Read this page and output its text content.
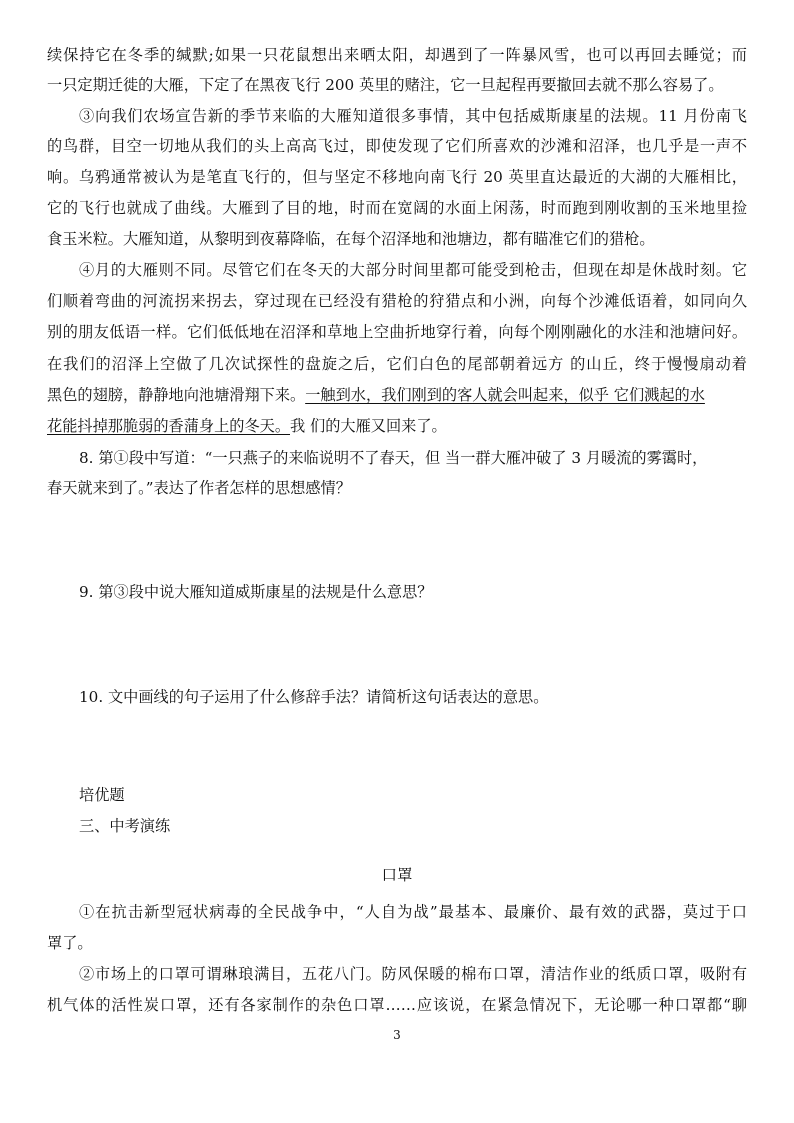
续保持它在冬季的缄默;如果一只花鼠想出来晒太阳，却遇到了一阵暴风雪，也可以再回去睡觉；而
一只定期迁徙的大雁，下定了在黑夜飞行 200 英里的赌注，它一旦起程再要撤回去就不那么容易了。
③向我们农场宣告新的季节来临的大雁知道很多事情，其中包括威斯康星的法规。11 月份南飞
的鸟群，目空一切地从我们的头上高高飞过，即使发现了它们所喜欢的沙滩和沼泽，也几乎是一声不
响。乌鸦通常被认为是笔直飞行的，但与坚定不移地向南飞行 20 英里直达最近的大湖的大雁相比，
它的飞行也就成了曲线。大雁到了目的地，时而在宽阔的水面上闲荡，时而跑到刚收割的玉米地里捡
食玉米粒。大雁知道，从黎明到夜幕降临，在每个沼泽地和池塘边，都有瞄准它们的猎枪。
④月的大雁则不同。尽管它们在冬天的大部分时间里都可能受到枪击，但现在却是休战时刻。它
们顺着弯曲的河流拐来拐去，穿过现在已经没有猎枪的狩猎点和小洲，向每个沙滩低语着，如同向久
别的朋友低语一样。它们低低地在沼泽和草地上空曲折地穿行着，向每个刚刚融化的水洼和池塘问好。
在我们的沼泽上空做了几次试探性的盘旋之后，它们白色的尾部朝着远方 的山丘，终于慢慢扇动着
黑色的翅膀，静静地向池塘滑翔下来。一触到水，我们刚到的客人就会叫起来，似乎 它们溅起的水
花能抖掉那脆弱的香蒲身上的冬天。我 们的大雁又回来了。
8. 第①段中写道：“一只燕子的来临说明不了春天，但 当一群大雁冲破了 3 月暖流的雾霭时，
春天就来到了。”表达了作者怎样的思想感情？
9. 第③段中说大雁知道威斯康星的法规是什么意思？
10. 文中画线的句子运用了什么修辞手法？请简析这句话表达的意思。
培优题
三、中考演练
口罩
①在抗击新型冠状病毒的全民战争中，“人自为战”最基本、最廉价、最有效的武器，莫过于口
罩了。
②市场上的口罩可谓琳琅满目，五花八门。防风保暖的棉布口罩，清洁作业的纸质口罩，吸附有
机气体的活性炭口罩，还有各家制作的杂色口罩……应该说，在紧急情况下，无论哪一种口罩都“聊
3
